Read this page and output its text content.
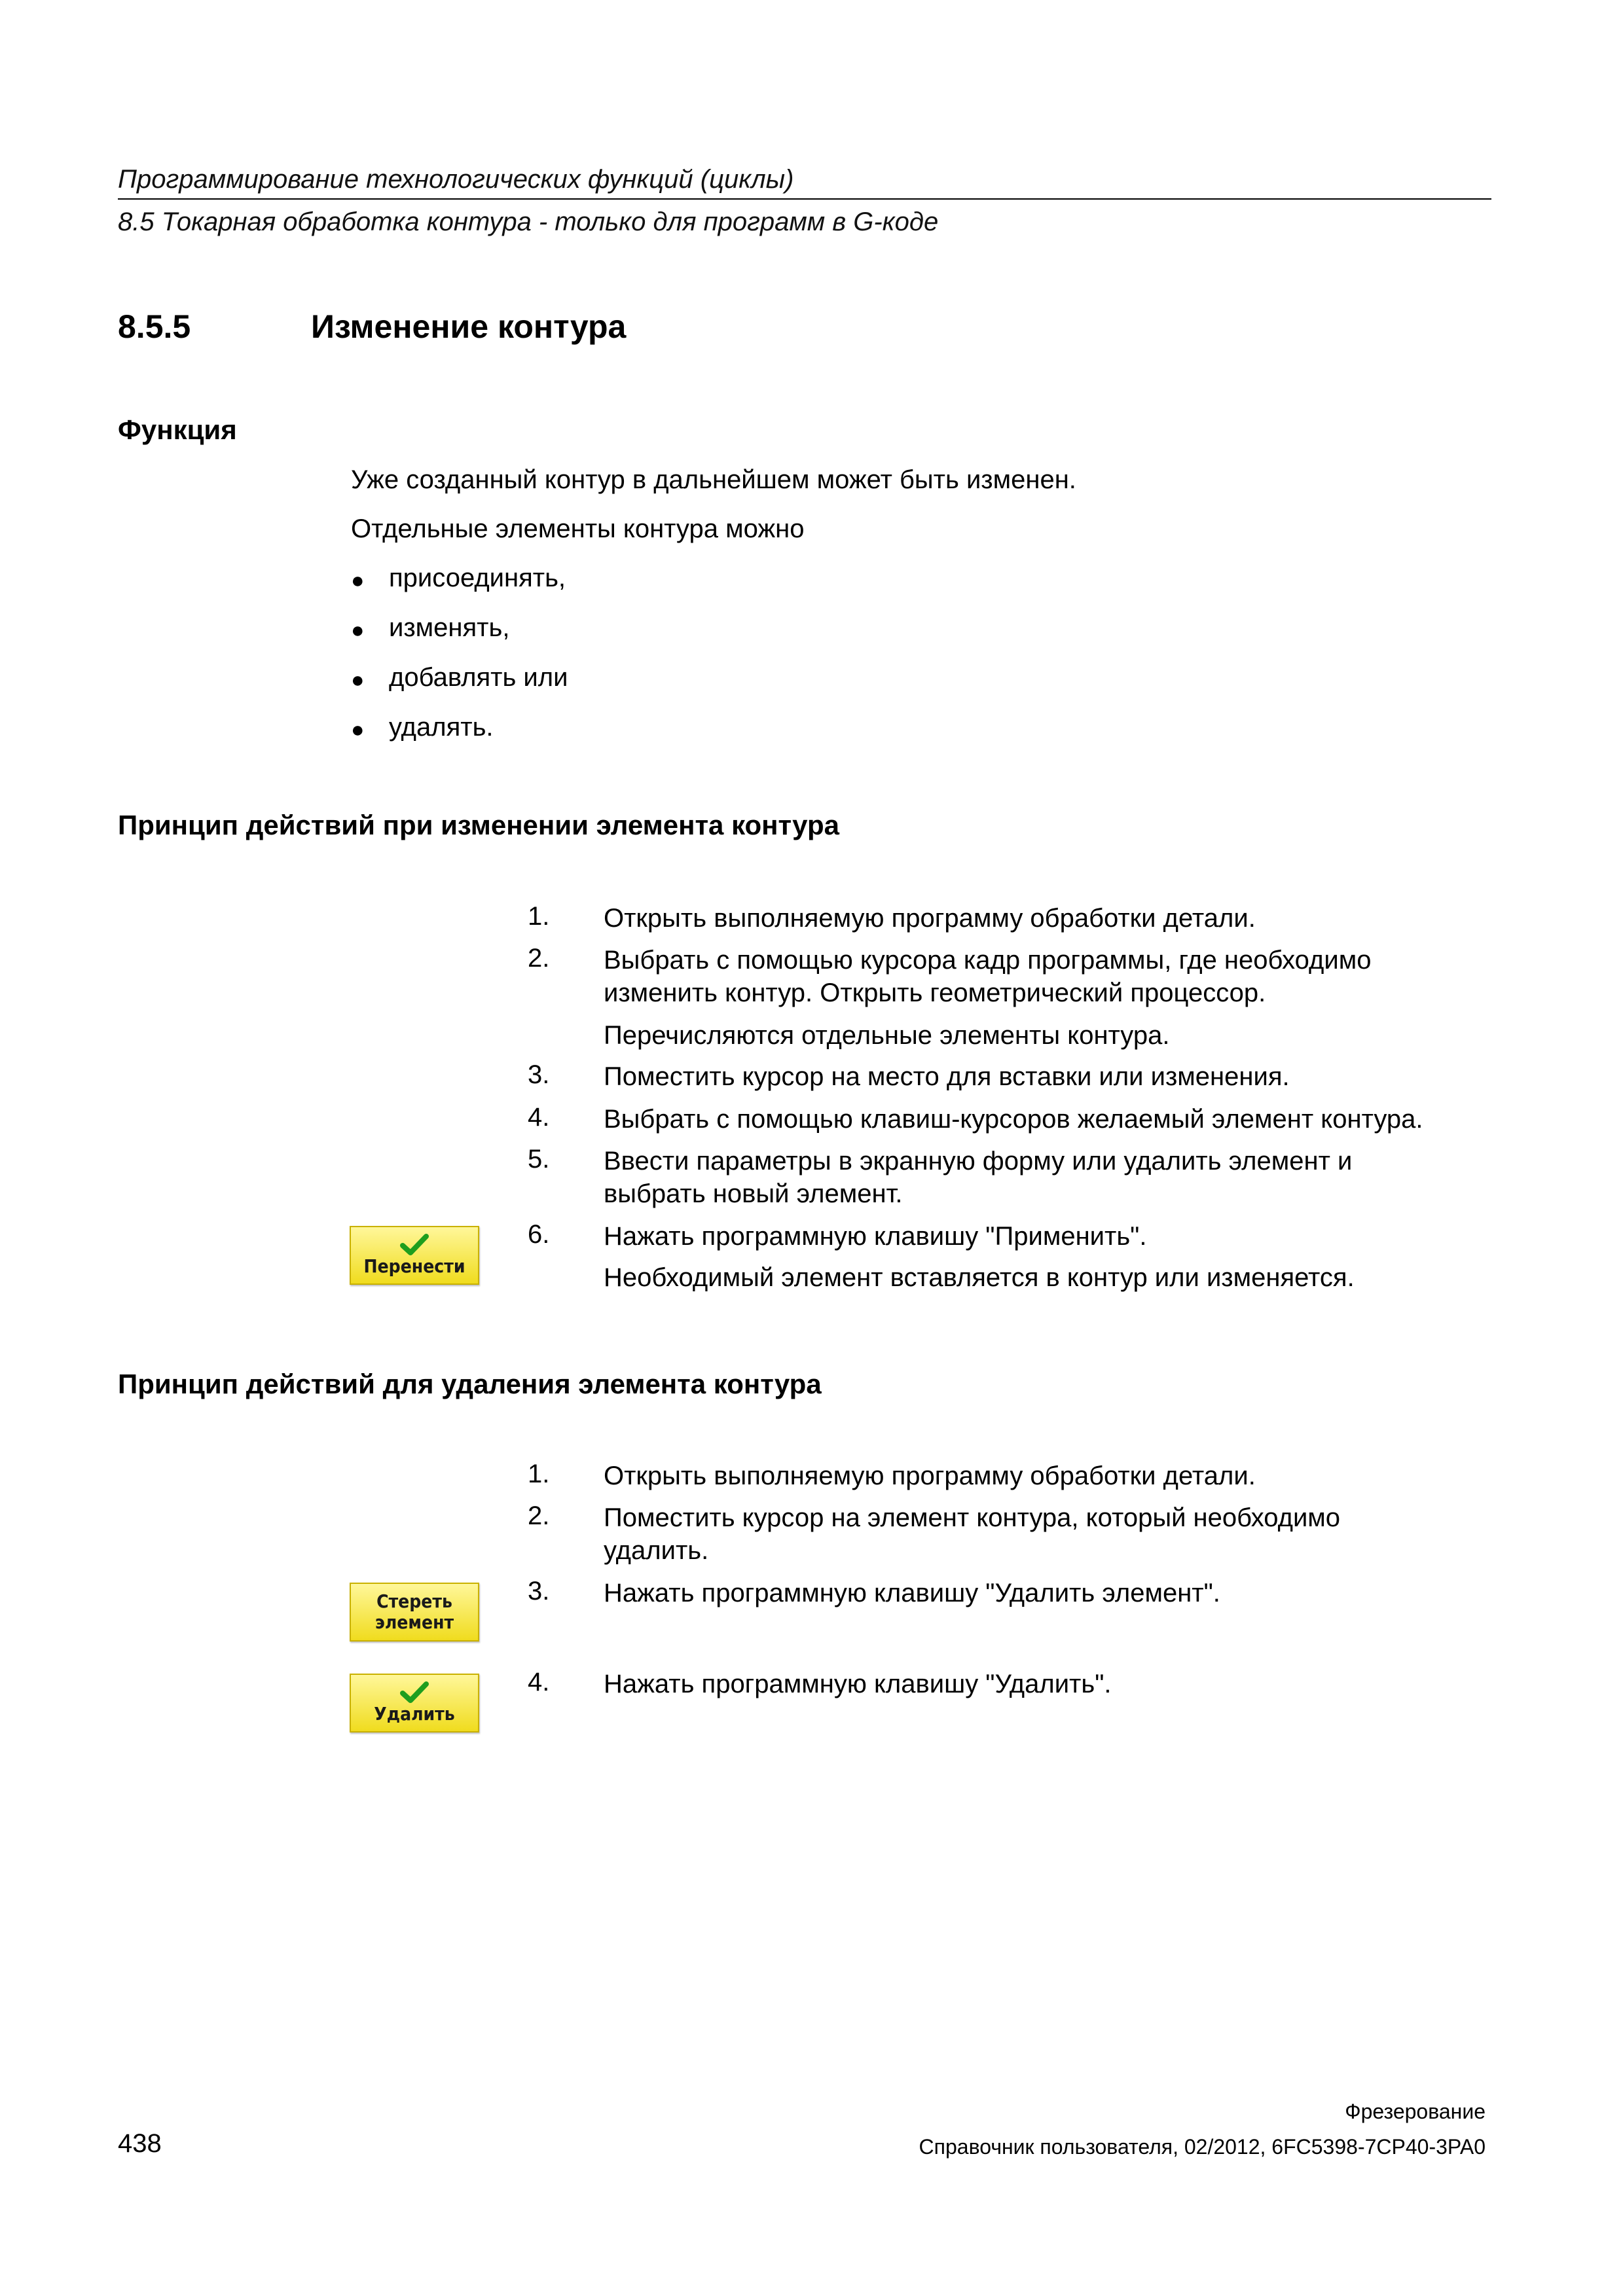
Программирование технологических функций (циклы)
8.5 Токарная обработка контура - только для программ в G-коде
8.5.5	Изменение контура
Функция
Уже созданный контур в дальнейшем может быть изменен.
Отдельные элементы контура можно
● присоединять,
● изменять,
● добавлять или
● удалять.
Принцип действий при изменении элемента контура
1. Открыть выполняемую программу обработки детали.
2. Выбрать с помощью курсора кадр программы, где необходимо
изменить контур. Открыть геометрический процессор.
Перечисляются отдельные элементы контура.
3. Поместить курсор на место для вставки или изменения.
4. Выбрать с помощью клавиш-курсоров желаемый элемент контура.
5. Ввести параметры в экранную форму или удалить элемент и
выбрать новый элемент.
6. Нажать программную клавишу "Применить".
Необходимый элемент вставляется в контур или изменяется.
Перенести
Принцип действий для удаления элемента контура
1. Открыть выполняемую программу обработки детали.
2. Поместить курсор на элемент контура, который необходимо
удалить.
3. Нажать программную клавишу "Удалить элемент".
4. Нажать программную клавишу "Удалить".
Стереть
элемент
Удалить
Фрезерование
438	Справочник пользователя, 02/2012, 6FC5398-7CP40-3PA0
